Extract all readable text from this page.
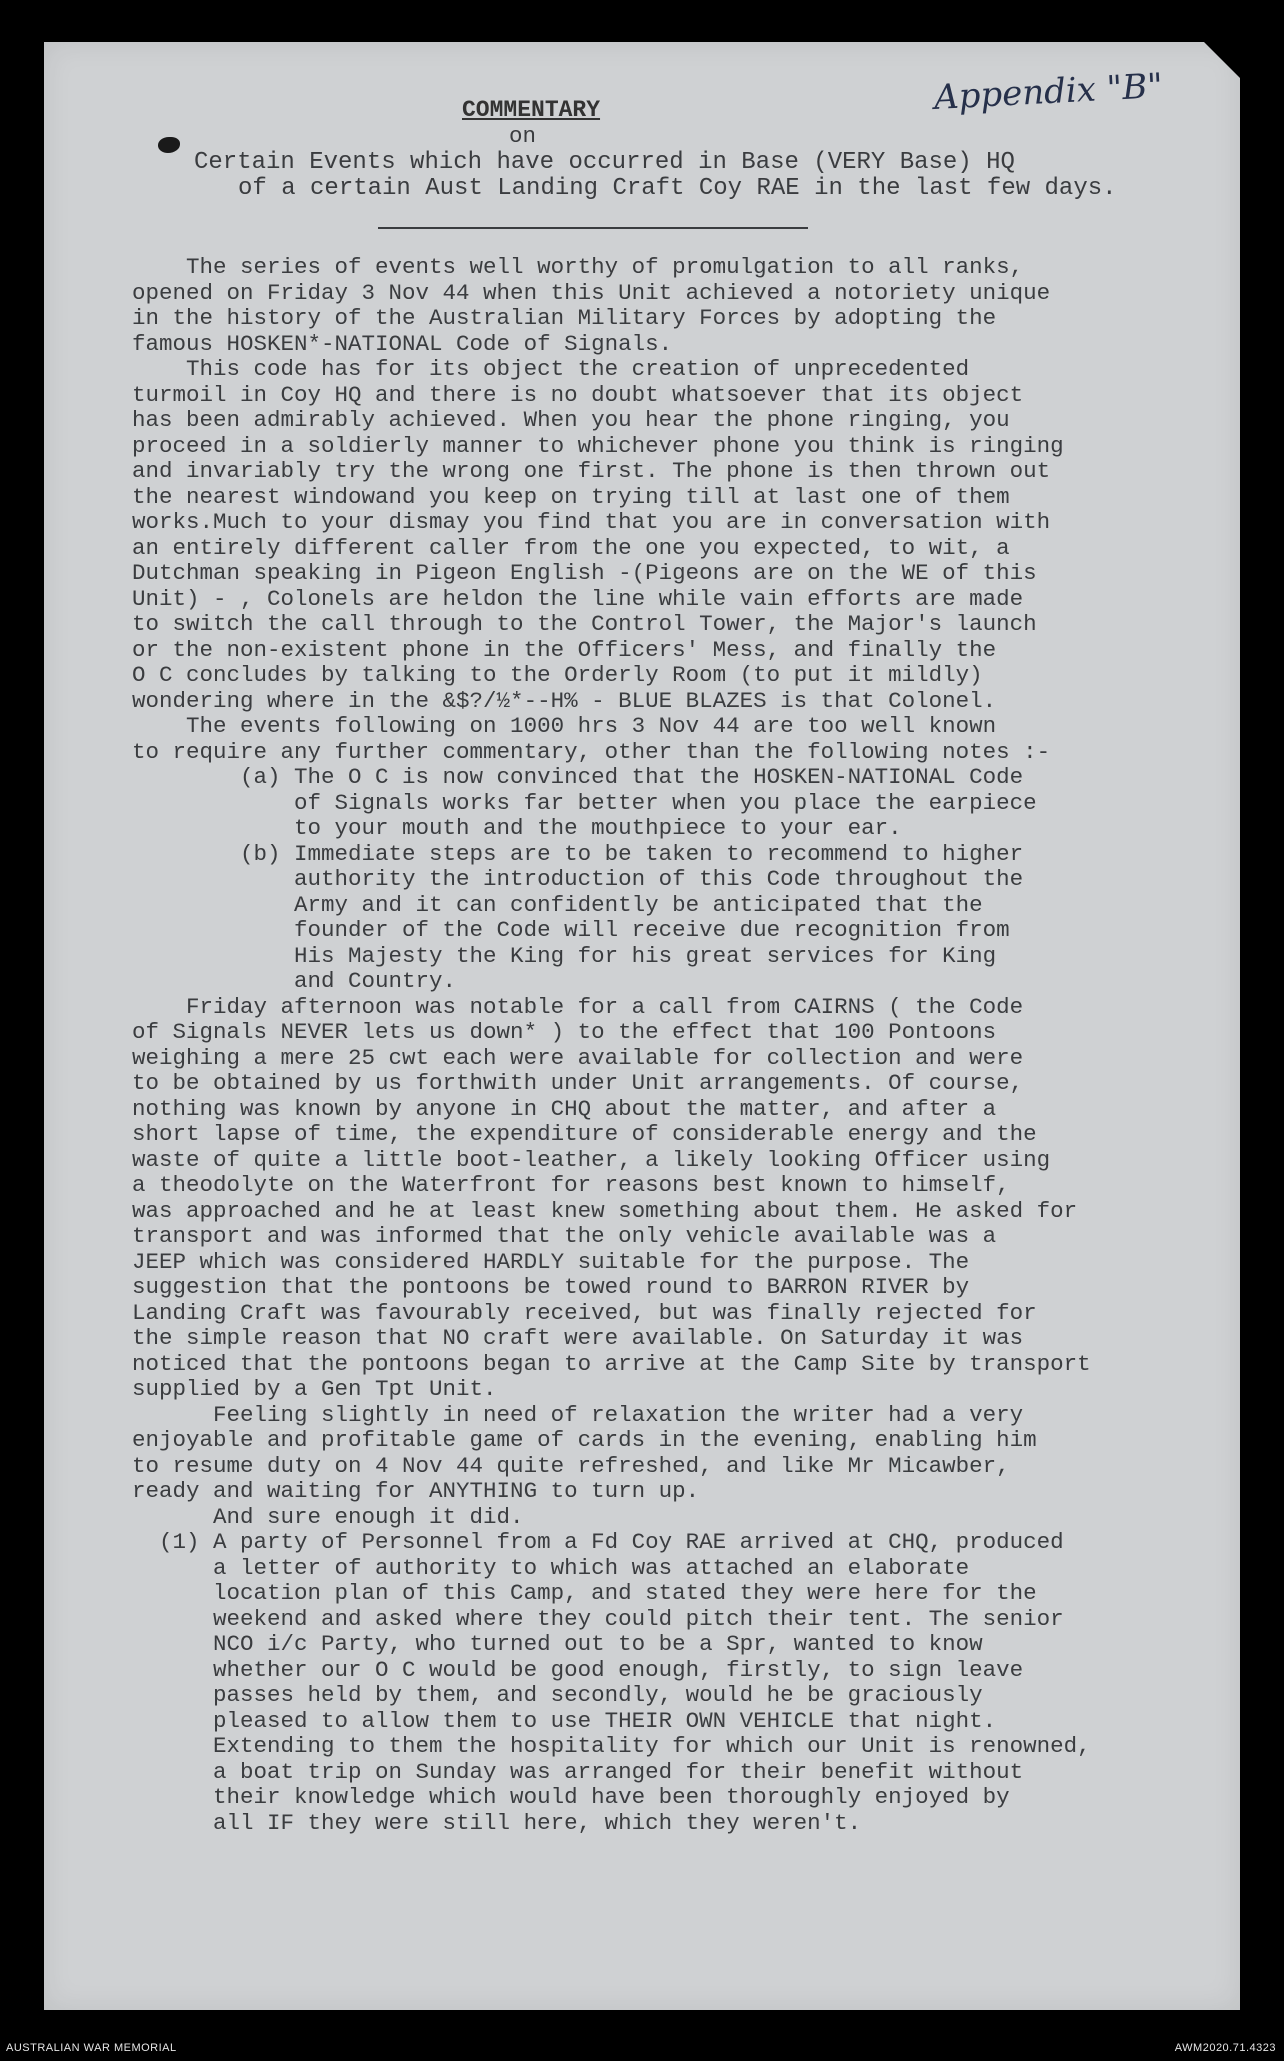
Appendix "B"
COMMENTARY
on
Certain Events which have occurred in Base (VERY Base) HQ
of a certain Aust Landing Craft Coy RAE in the last few days.
The series of events well worthy of promulgation to all ranks,
opened on Friday 3 Nov 44 when this Unit achieved a notoriety unique
in the history of the Australian Military Forces by adopting the
famous HOSKEN*-NATIONAL Code of Signals.
This code has for its object the creation of unprecedented
turmoil in Coy HQ and there is no doubt whatsoever that its object
has been admirably achieved. When you hear the phone ringing, you
proceed in a soldierly manner to whichever phone you think is ringing
and invariably try the wrong one first. The phone is then thrown out
the nearest windowand you keep on trying till at last one of them
works.Much to your dismay you find that you are in conversation with
an entirely different caller from the one you expected, to wit, a
Dutchman speaking in Pigeon English -(Pigeons are on the WE of this
Unit) - , Colonels are heldon the line while vain efforts are made
to switch the call through to the Control Tower, the Major's launch
or the non-existent phone in the Officers' Mess, and finally the
O C concludes by talking to the Orderly Room (to put it mildly)
wondering where in the &$?/½*--H% - BLUE BLAZES is that Colonel.
The events following on 1000 hrs 3 Nov 44 are too well known
to require any further commentary, other than the following notes :-
(a) The O C is now convinced that the HOSKEN-NATIONAL Code
of Signals works far better when you place the earpiece
to your mouth and the mouthpiece to your ear.
(b) Immediate steps are to be taken to recommend to higher
authority the introduction of this Code throughout the
Army and it can confidently be anticipated that the
founder of the Code will receive due recognition from
His Majesty the King for his great services for King
and Country.
Friday afternoon was notable for a call from CAIRNS ( the Code
of Signals NEVER lets us down* ) to the effect that 100 Pontoons
weighing a mere 25 cwt each were available for collection and were
to be obtained by us forthwith under Unit arrangements. Of course,
nothing was known by anyone in CHQ about the matter, and after a
short lapse of time, the expenditure of considerable energy and the
waste of quite a little boot-leather, a likely looking Officer using
a theodolyte on the Waterfront for reasons best known to himself,
was approached and he at least knew something about them. He asked for
transport and was informed that the only vehicle available was a
JEEP which was considered HARDLY suitable for the purpose. The
suggestion that the pontoons be towed round to BARRON RIVER by
Landing Craft was favourably received, but was finally rejected for
the simple reason that NO craft were available. On Saturday it was
noticed that the pontoons began to arrive at the Camp Site by transport
supplied by a Gen Tpt Unit.
Feeling slightly in need of relaxation the writer had a very
enjoyable and profitable game of cards in the evening, enabling him
to resume duty on 4 Nov 44 quite refreshed, and like Mr Micawber,
ready and waiting for ANYTHING to turn up.
And sure enough it did.
(1) A party of Personnel from a Fd Coy RAE arrived at CHQ, produced
a letter of authority to which was attached an elaborate
location plan of this Camp, and stated they were here for the
weekend and asked where they could pitch their tent. The senior
NCO i/c Party, who turned out to be a Spr, wanted to know
whether our O C would be good enough, firstly, to sign leave
passes held by them, and secondly, would he be graciously
pleased to allow them to use THEIR OWN VEHICLE that night.
Extending to them the hospitality for which our Unit is renowned,
a boat trip on Sunday was arranged for their benefit without
their knowledge which would have been thoroughly enjoyed by
all IF they were still here, which they weren't.
AUSTRALIAN WAR MEMORIAL	AWM2020.71.4323
